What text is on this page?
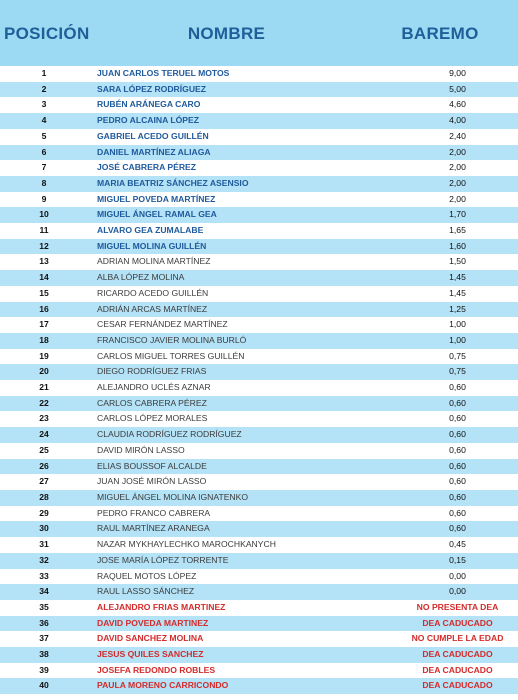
POSICIÓN	NOMBRE	BAREMO
1	JUAN CARLOS TERUEL MOTOS	9,00
2	SARA LÓPEZ RODRÍGUEZ	5,00
3	RUBÉN ARÁNEGA CARO	4,60
4	PEDRO ALCAINA LÓPEZ	4,00
5	GABRIEL ACEDO GUILLÉN	2,40
6	DANIEL MARTÍNEZ ALIAGA	2,00
7	JOSÉ CABRERA PÉREZ	2,00
8	MARIA BEATRIZ SÁNCHEZ ASENSIO	2,00
9	MIGUEL POVEDA MARTÍNEZ	2,00
10	MIGUEL ÁNGEL RAMAL GEA	1,70
11	ALVARO GEA ZUMALABE	1,65
12	MIGUEL MOLINA GUILLÉN	1,60
13	ADRIAN MOLINA MARTÍNEZ	1,50
14	ALBA LÓPEZ MOLINA	1,45
15	RICARDO ACEDO GUILLÉN	1,45
16	ADRIÁN ARCAS MARTÍNEZ	1,25
17	CESAR FERNÁNDEZ MARTÍNEZ	1,00
18	FRANCISCO JAVIER MOLINA BURLÓ	1,00
19	CARLOS MIGUEL TORRES GUILLÉN	0,75
20	DIEGO RODRÍGUEZ FRIAS	0,75
21	ALEJANDRO UCLÉS AZNAR	0,60
22	CARLOS CABRERA PÉREZ	0,60
23	CARLOS LÓPEZ MORALES	0,60
24	CLAUDIA RODRÍGUEZ RODRÍGUEZ	0,60
25	DAVID MIRÓN LASSO	0,60
26	ELIAS BOUSSOF ALCALDE	0,60
27	JUAN JOSÉ MIRÓN LASSO	0,60
28	MIGUEL ÁNGEL MOLINA IGNATENKO	0,60
29	PEDRO FRANCO CABRERA	0,60
30	RAUL MARTÍNEZ ARANEGA	0,60
31	NAZAR MYKHAYLECHKO MAROCHKANYCH	0,45
32	JOSE MARÍA LÓPEZ TORRENTE	0,15
33	RAQUEL MOTOS LÓPEZ	0,00
34	RAUL LASSO SÁNCHEZ	0,00
35	ALEJANDRO FRIAS MARTINEZ	NO PRESENTA DEA
36	DAVID POVEDA MARTINEZ	DEA CADUCADO
37	DAVID SANCHEZ MOLINA	NO CUMPLE LA EDAD
38	JESUS QUILES SANCHEZ	DEA CADUCADO
39	JOSEFA REDONDO ROBLES	DEA CADUCADO
40	PAULA MORENO CARRICONDO	DEA CADUCADO
